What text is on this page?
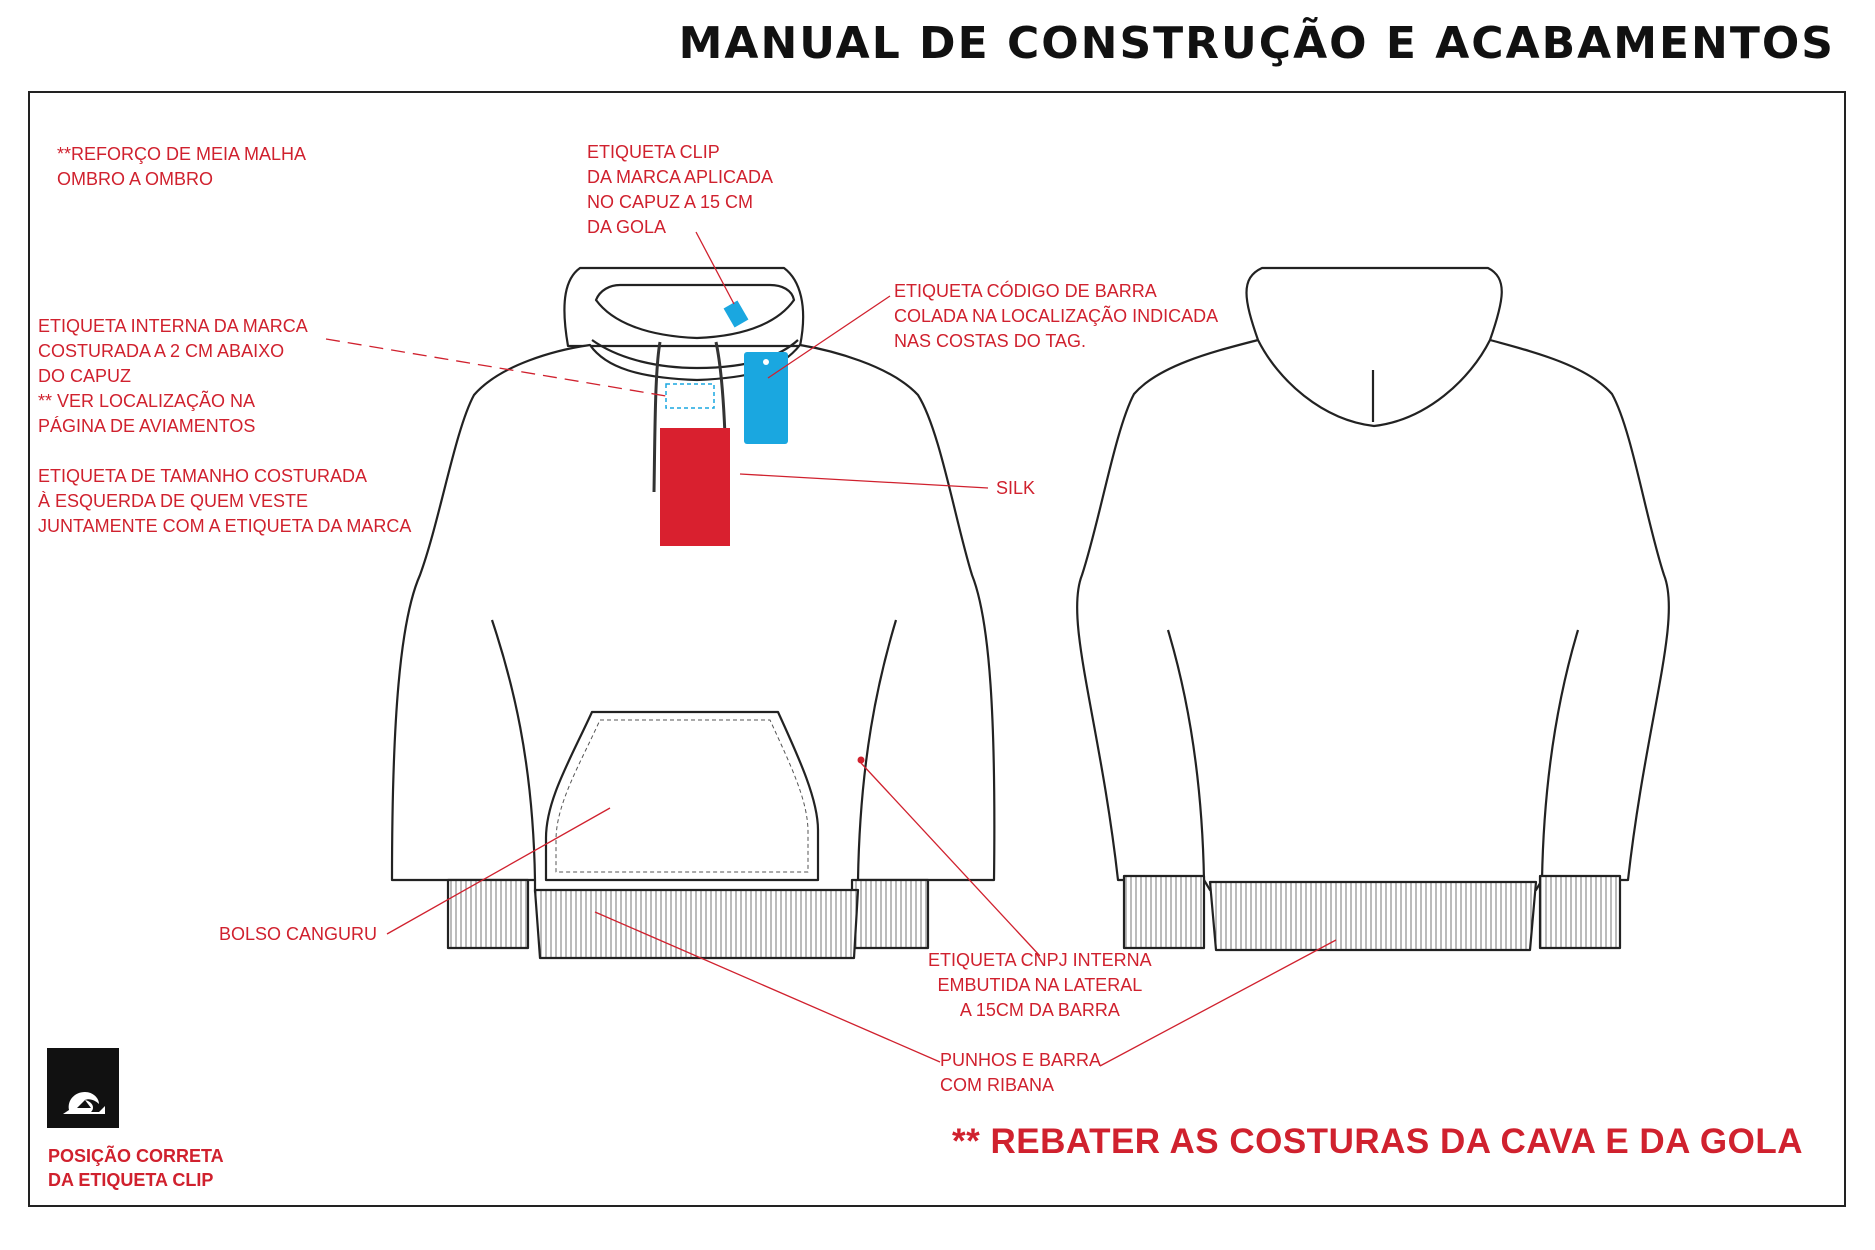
MANUAL DE CONSTRUÇÃO E ACABAMENTOS
**REFORÇO DE MEIA MALHA
OMBRO A OMBRO
ETIQUETA CLIP
DA MARCA APLICADA
NO CAPUZ A 15 CM
DA GOLA
ETIQUETA CÓDIGO DE BARRA
COLADA NA LOCALIZAÇÃO INDICADA
NAS COSTAS DO TAG.
ETIQUETA INTERNA DA MARCA
COSTURADA A 2 CM ABAIXO
DO CAPUZ
** VER LOCALIZAÇÃO NA
PÁGINA DE AVIAMENTOS
ETIQUETA DE TAMANHO COSTURADA
À ESQUERDA DE QUEM VESTE
JUNTAMENTE COM A ETIQUETA DA MARCA
SILK
BOLSO CANGURU
ETIQUETA CNPJ INTERNA
EMBUTIDA NA LATERAL
A 15CM DA BARRA
PUNHOS E BARRA
COM RIBANA
POSIÇÃO CORRETA
DA ETIQUETA CLIP
** REBATER AS COSTURAS DA CAVA E DA GOLA
